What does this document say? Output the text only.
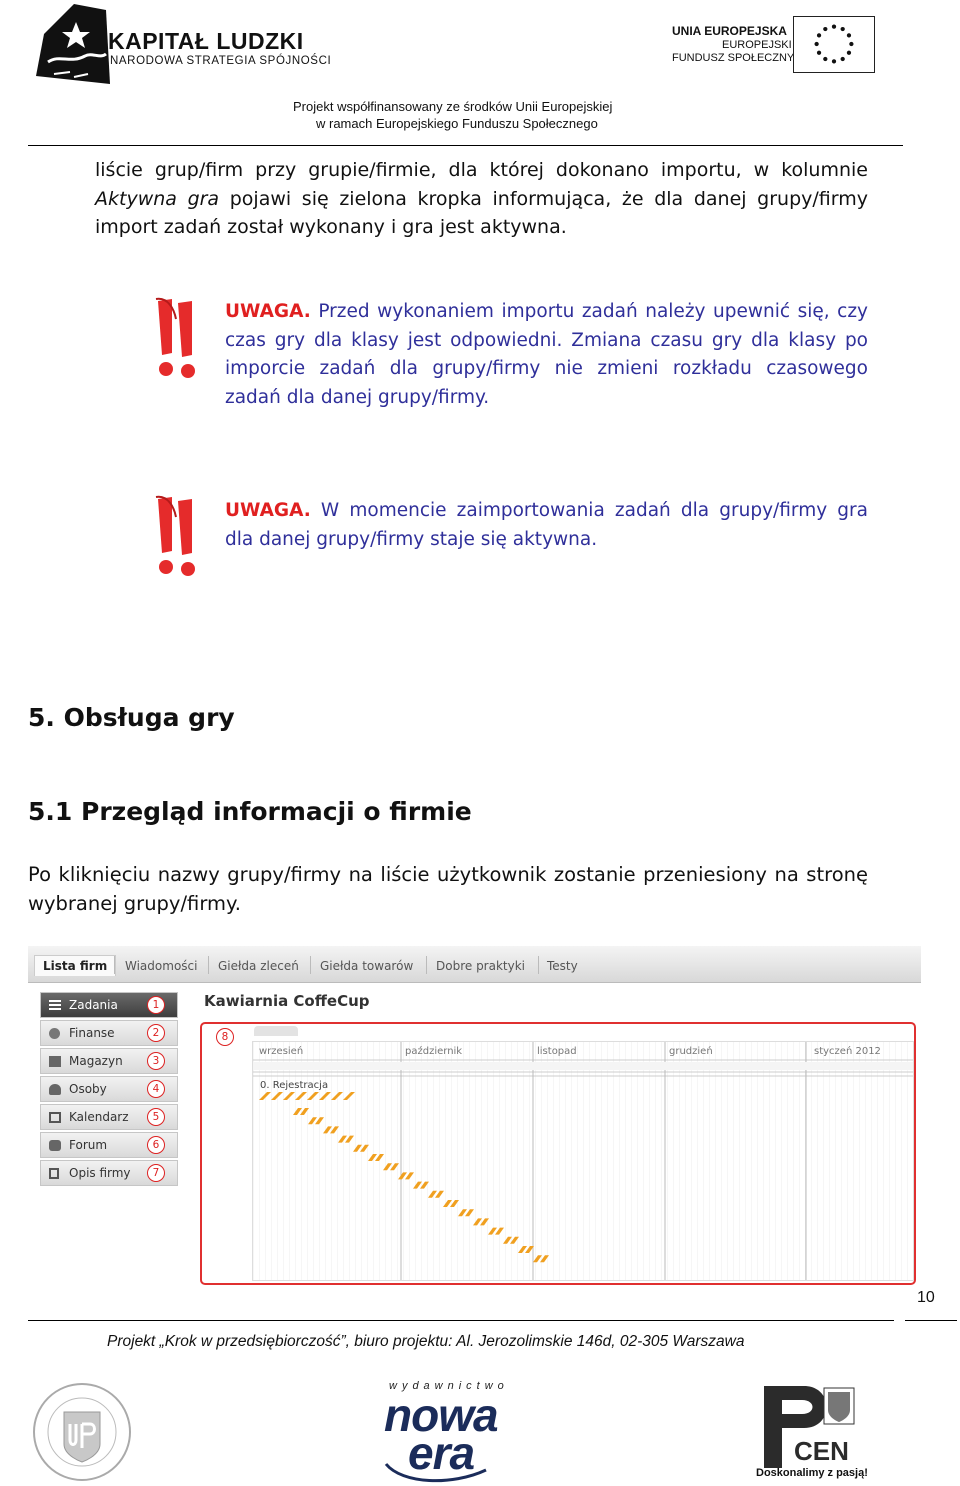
KAPITAŁ LUDZKI
NARODOWA STRATEGIA SPÓJNOŚCI
UNIA EUROPEJSKA
EUROPEJSKI
FUNDUSZ SPOŁECZNY
Projekt współfinansowany ze środków Unii Europejskiej
w ramach Europejskiego Funduszu Społecznego
liście grup/firm przy grupie/firmie, dla której dokonano importu, w kolumnie Aktywna gra pojawi się zielona kropka informująca, że dla danej grupy/firmy import zadań został wykonany i gra jest aktywna.
UWAGA. Przed wykonaniem importu zadań należy upewnić się, czy czas gry dla klasy jest odpowiedni. Zmiana czasu gry dla klasy po imporcie zadań dla grupy/firmy nie zmieni rozkładu czasowego zadań dla danej grupy/firmy.
UWAGA. W momencie zaimportowania zadań dla grupy/firmy gra dla danej grupy/firmy staje się aktywna.
5. Obsługa gry
5.1 Przegląd informacji o firmie
Po kliknięciu nazwy grupy/firmy na liście użytkownik zostanie przeniesiony na stronę wybranej grupy/firmy.
Lista firm	Wiadomości Giełda zleceń Giełda towarów Dobre praktyki Testy
Zadania	1
Finanse	2
Magazyn	3
Osoby	4
Kalendarz	5
Forum	6
Opis firmy	7
Kawiarnia CoffeCup
8
wrzesień	październik	listopad	grudzień	styczeń 2012
0. Rejestracja
10
Projekt „Krok w przedsiębiorczość”, biuro projektu: Al. Jerozolimskie 146d, 02-305 Warszawa
wydawnictwo
nowa
era	CEN
Doskonalimy z pasją!
